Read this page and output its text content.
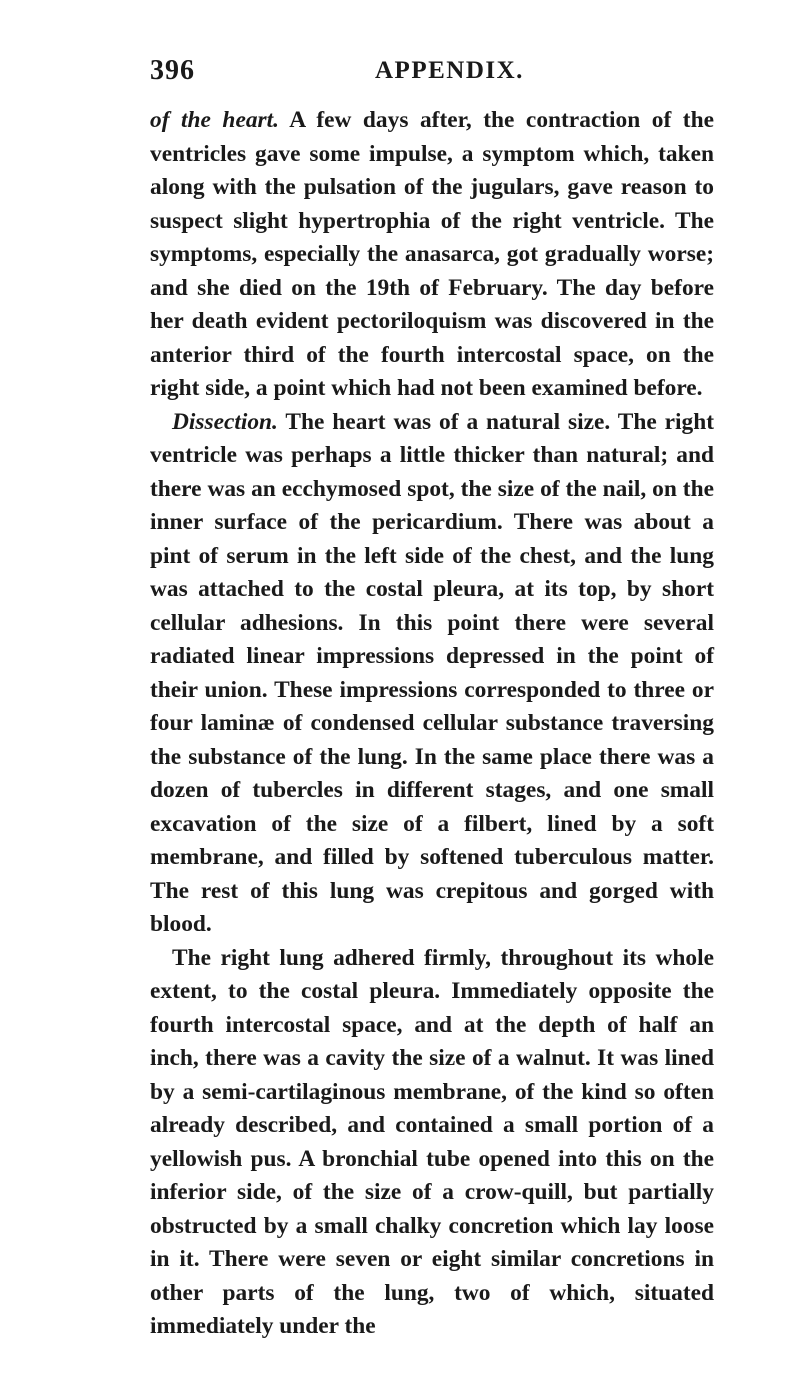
396	APPENDIX.

of the heart. A few days after, the contraction of the ventricles gave some impulse, a symptom which, taken along with the pulsation of the jugulars, gave reason to suspect slight hypertrophia of the right ventricle. The symptoms, especially the anasarca, got gradually worse; and she died on the 19th of February. The day before her death evident pectoriloquism was discovered in the anterior third of the fourth intercostal space, on the right side, a point which had not been examined before.

Dissection. The heart was of a natural size. The right ventricle was perhaps a little thicker than natural; and there was an ecchymosed spot, the size of the nail, on the inner surface of the pericardium. There was about a pint of serum in the left side of the chest, and the lung was attached to the costal pleura, at its top, by short cellular adhesions. In this point there were several radiated linear impressions depressed in the point of their union. These impressions corresponded to three or four laminæ of condensed cellular substance traversing the substance of the lung. In the same place there was a dozen of tubercles in different stages, and one small excavation of the size of a filbert, lined by a soft membrane, and filled by softened tuberculous matter. The rest of this lung was crepitous and gorged with blood.

The right lung adhered firmly, throughout its whole extent, to the costal pleura. Immediately opposite the fourth intercostal space, and at the depth of half an inch, there was a cavity the size of a walnut. It was lined by a semi-cartilaginous membrane, of the kind so often already described, and contained a small portion of a yellowish pus. A bronchial tube opened into this on the inferior side, of the size of a crow-quill, but partially obstructed by a small chalky concretion which lay loose in it. There were seven or eight similar concretions in other parts of the lung, two of which, situated immediately under the
